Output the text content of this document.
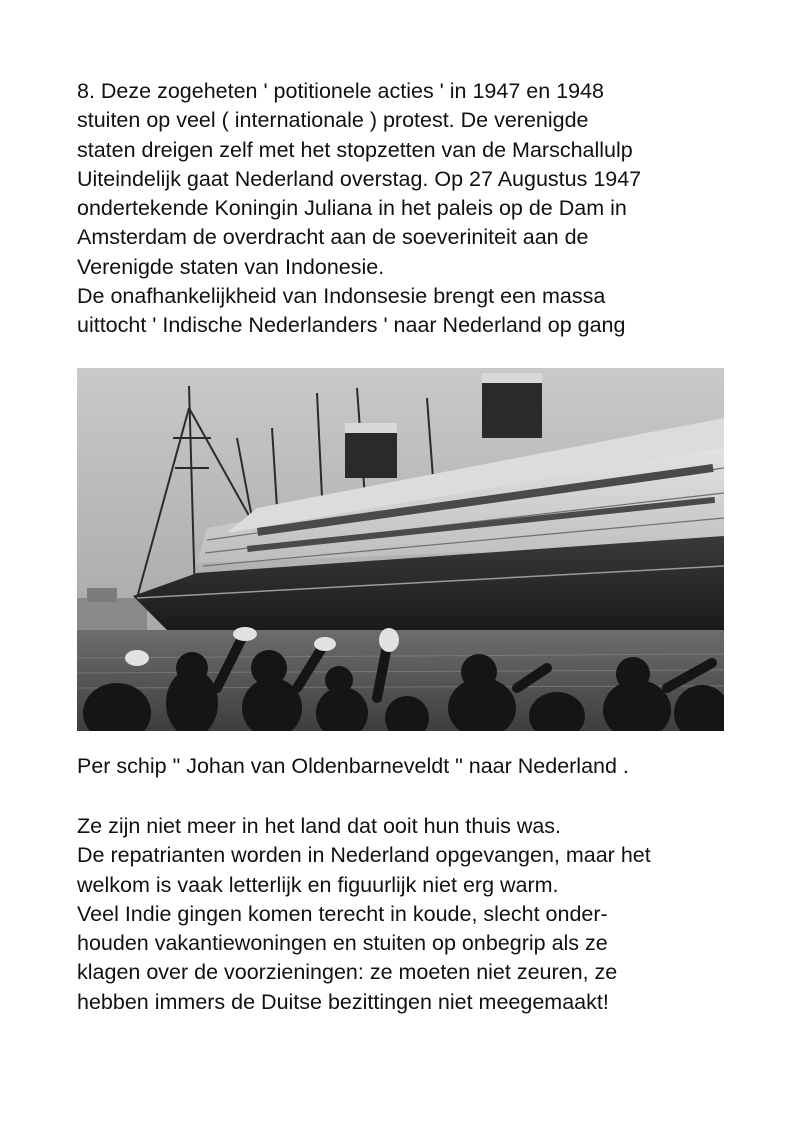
8. Deze zogeheten ' potitionele acties ' in 1947 en 1948
stuiten op veel ( internationale ) protest. De verenigde
staten dreigen zelf met het stopzetten van de Marschallulp
Uiteindelijk gaat Nederland overstag. Op 27 Augustus 1947
ondertekende Koningin Juliana in het paleis op de Dam in
Amsterdam de overdracht aan de soeveriniteit aan de
Verenigde staten van Indonesie.
De onafhankelijkheid van Indonsesie brengt een massa
uittocht ' Indische Nederlanders ' naar Nederland op gang

Per schip " Johan van Oldenbarneveldt " naar Nederland .

Ze zijn niet meer in het land dat ooit hun thuis was.
De repatrianten worden in Nederland opgevangen, maar het
welkom is vaak letterlijk en figuurlijk niet erg warm.
Veel Indie gingen komen terecht in koude, slecht onder-
houden vakantiewoningen en stuiten op onbegrip als ze
klagen over de voorzieningen: ze moeten niet zeuren, ze
hebben immers de Duitse bezittingen niet meegemaakt!
